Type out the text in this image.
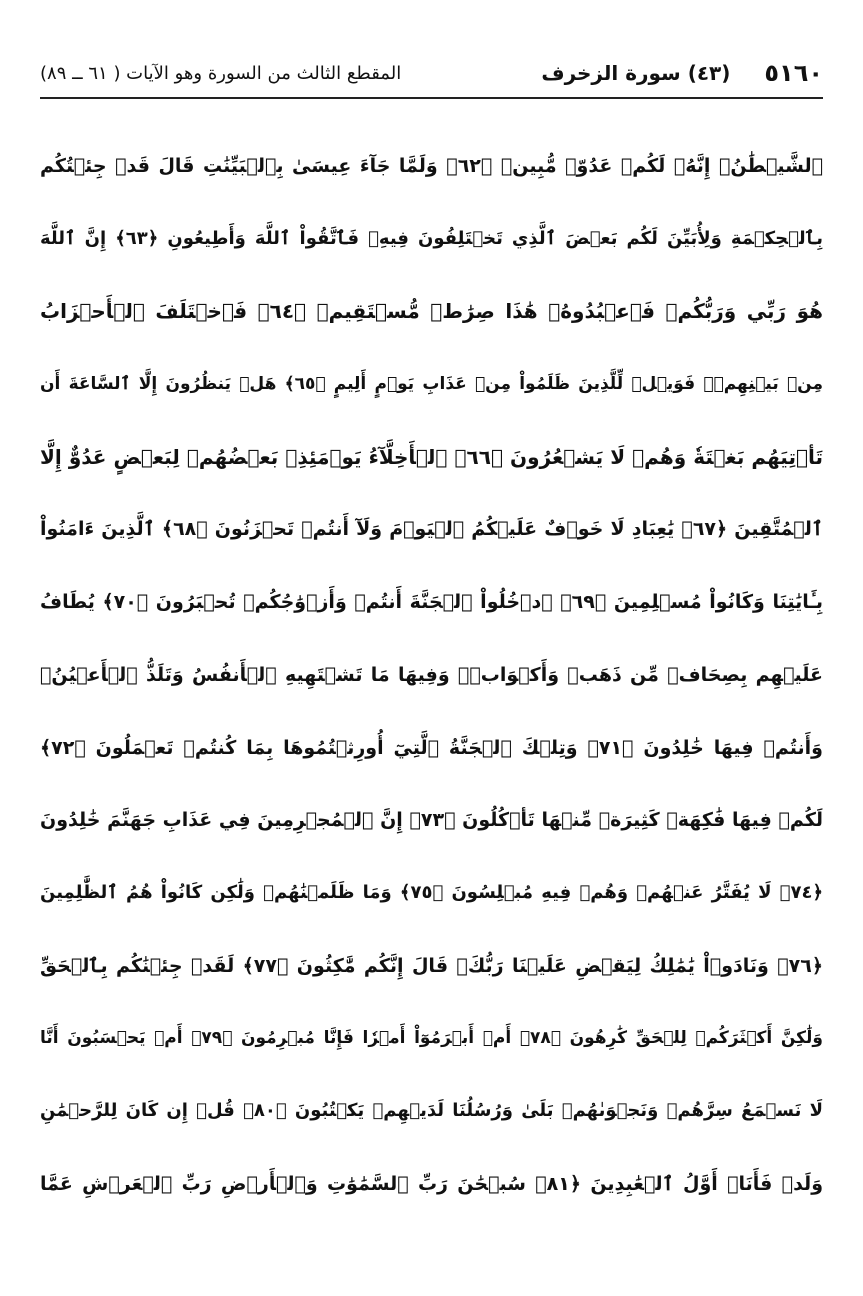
٥١٦٠
(٤٣) سورة الزخرف
المقطع الثالث من السورة وهو الآيات ( ٦١ ــ ٨٩)
ٱلشَّيۡطَٰنُۖ إِنَّهُۥ لَكُمۡ عَدُوّٞ مُّبِينٞ ﴿٦٢﴾ وَلَمَّا جَآءَ عِيسَىٰ بِٱلۡبَيِّنَٰتِ قَالَ قَدۡ جِئۡتُكُم
بِٱلۡحِكۡمَةِ وَلِأُبَيِّنَ لَكُم بَعۡضَ ٱلَّذِي تَخۡتَلِفُونَ فِيهِۖ فَٱتَّقُواْ ٱللَّهَ وَأَطِيعُونِ ﴿٦٣﴾ إِنَّ ٱللَّهَ
هُوَ رَبِّي وَرَبُّكُمۡ فَٱعۡبُدُوهُۚ هَٰذَا صِرَٰطٞ مُّسۡتَقِيمٞ ﴿٦٤﴾ فَٱخۡتَلَفَ ٱلۡأَحۡزَابُ
مِنۢ بَيۡنِهِمۡۖ فَوَيۡلٞ لِّلَّذِينَ ظَلَمُواْ مِنۡ عَذَابِ يَوۡمٍ أَلِيمٍ ﴿٦٥﴾ هَلۡ يَنظُرُونَ إِلَّا ٱلسَّاعَةَ أَن
تَأۡتِيَهُم بَغۡتَةٗ وَهُمۡ لَا يَشۡعُرُونَ ﴿٦٦﴾ ٱلۡأَخِلَّآءُ يَوۡمَئِذِۭ بَعۡضُهُمۡ لِبَعۡضٍ عَدُوٌّ إِلَّا
ٱلۡمُتَّقِينَ ﴿٦٧﴾ يَٰعِبَادِ لَا خَوۡفٌ عَلَيۡكُمُ ٱلۡيَوۡمَ وَلَآ أَنتُمۡ تَحۡزَنُونَ ﴿٦٨﴾ ٱلَّذِينَ ءَامَنُواْ
بِـَٔايَٰتِنَا وَكَانُواْ مُسۡلِمِينَ ﴿٦٩﴾ ٱدۡخُلُواْ ٱلۡجَنَّةَ أَنتُمۡ وَأَزۡوَٰجُكُمۡ تُحۡبَرُونَ ﴿٧٠﴾ يُطَافُ
عَلَيۡهِم بِصِحَافٖ مِّن ذَهَبٖ وَأَكۡوَابٖۖ وَفِيهَا مَا تَشۡتَهِيهِ ٱلۡأَنفُسُ وَتَلَذُّ ٱلۡأَعۡيُنُۖ
وَأَنتُمۡ فِيهَا خَٰلِدُونَ ﴿٧١﴾ وَتِلۡكَ ٱلۡجَنَّةُ ٱلَّتِيٓ أُورِثۡتُمُوهَا بِمَا كُنتُمۡ تَعۡمَلُونَ ﴿٧٢﴾
لَكُمۡ فِيهَا فَٰكِهَةٞ كَثِيرَةٞ مِّنۡهَا تَأۡكُلُونَ ﴿٧٣﴾ إِنَّ ٱلۡمُجۡرِمِينَ فِي عَذَابِ جَهَنَّمَ خَٰلِدُونَ
﴿٧٤﴾ لَا يُفَتَّرُ عَنۡهُمۡ وَهُمۡ فِيهِ مُبۡلِسُونَ ﴿٧٥﴾ وَمَا ظَلَمۡنَٰهُمۡ وَلَٰكِن كَانُواْ هُمُ ٱلظَّٰلِمِينَ
﴿٧٦﴾ وَنَادَوۡاْ يَٰمَٰلِكُ لِيَقۡضِ عَلَيۡنَا رَبُّكَۖ قَالَ إِنَّكُم مَّٰكِثُونَ ﴿٧٧﴾ لَقَدۡ جِئۡنَٰكُم بِٱلۡحَقِّ
وَلَٰكِنَّ أَكۡثَرَكُمۡ لِلۡحَقِّ كَٰرِهُونَ ﴿٧٨﴾ أَمۡ أَبۡرَمُوٓاْ أَمۡرٗا فَإِنَّا مُبۡرِمُونَ ﴿٧٩﴾ أَمۡ يَحۡسَبُونَ أَنَّا
لَا نَسۡمَعُ سِرَّهُمۡ وَنَجۡوَىٰهُمۚ بَلَىٰ وَرُسُلُنَا لَدَيۡهِمۡ يَكۡتُبُونَ ﴿٨٠﴾ قُلۡ إِن كَانَ لِلرَّحۡمَٰنِ
وَلَدٞ فَأَنَا۠ أَوَّلُ ٱلۡعَٰبِدِينَ ﴿٨١﴾ سُبۡحَٰنَ رَبِّ ٱلسَّمَٰوَٰتِ وَٱلۡأَرۡضِ رَبِّ ٱلۡعَرۡشِ عَمَّا
